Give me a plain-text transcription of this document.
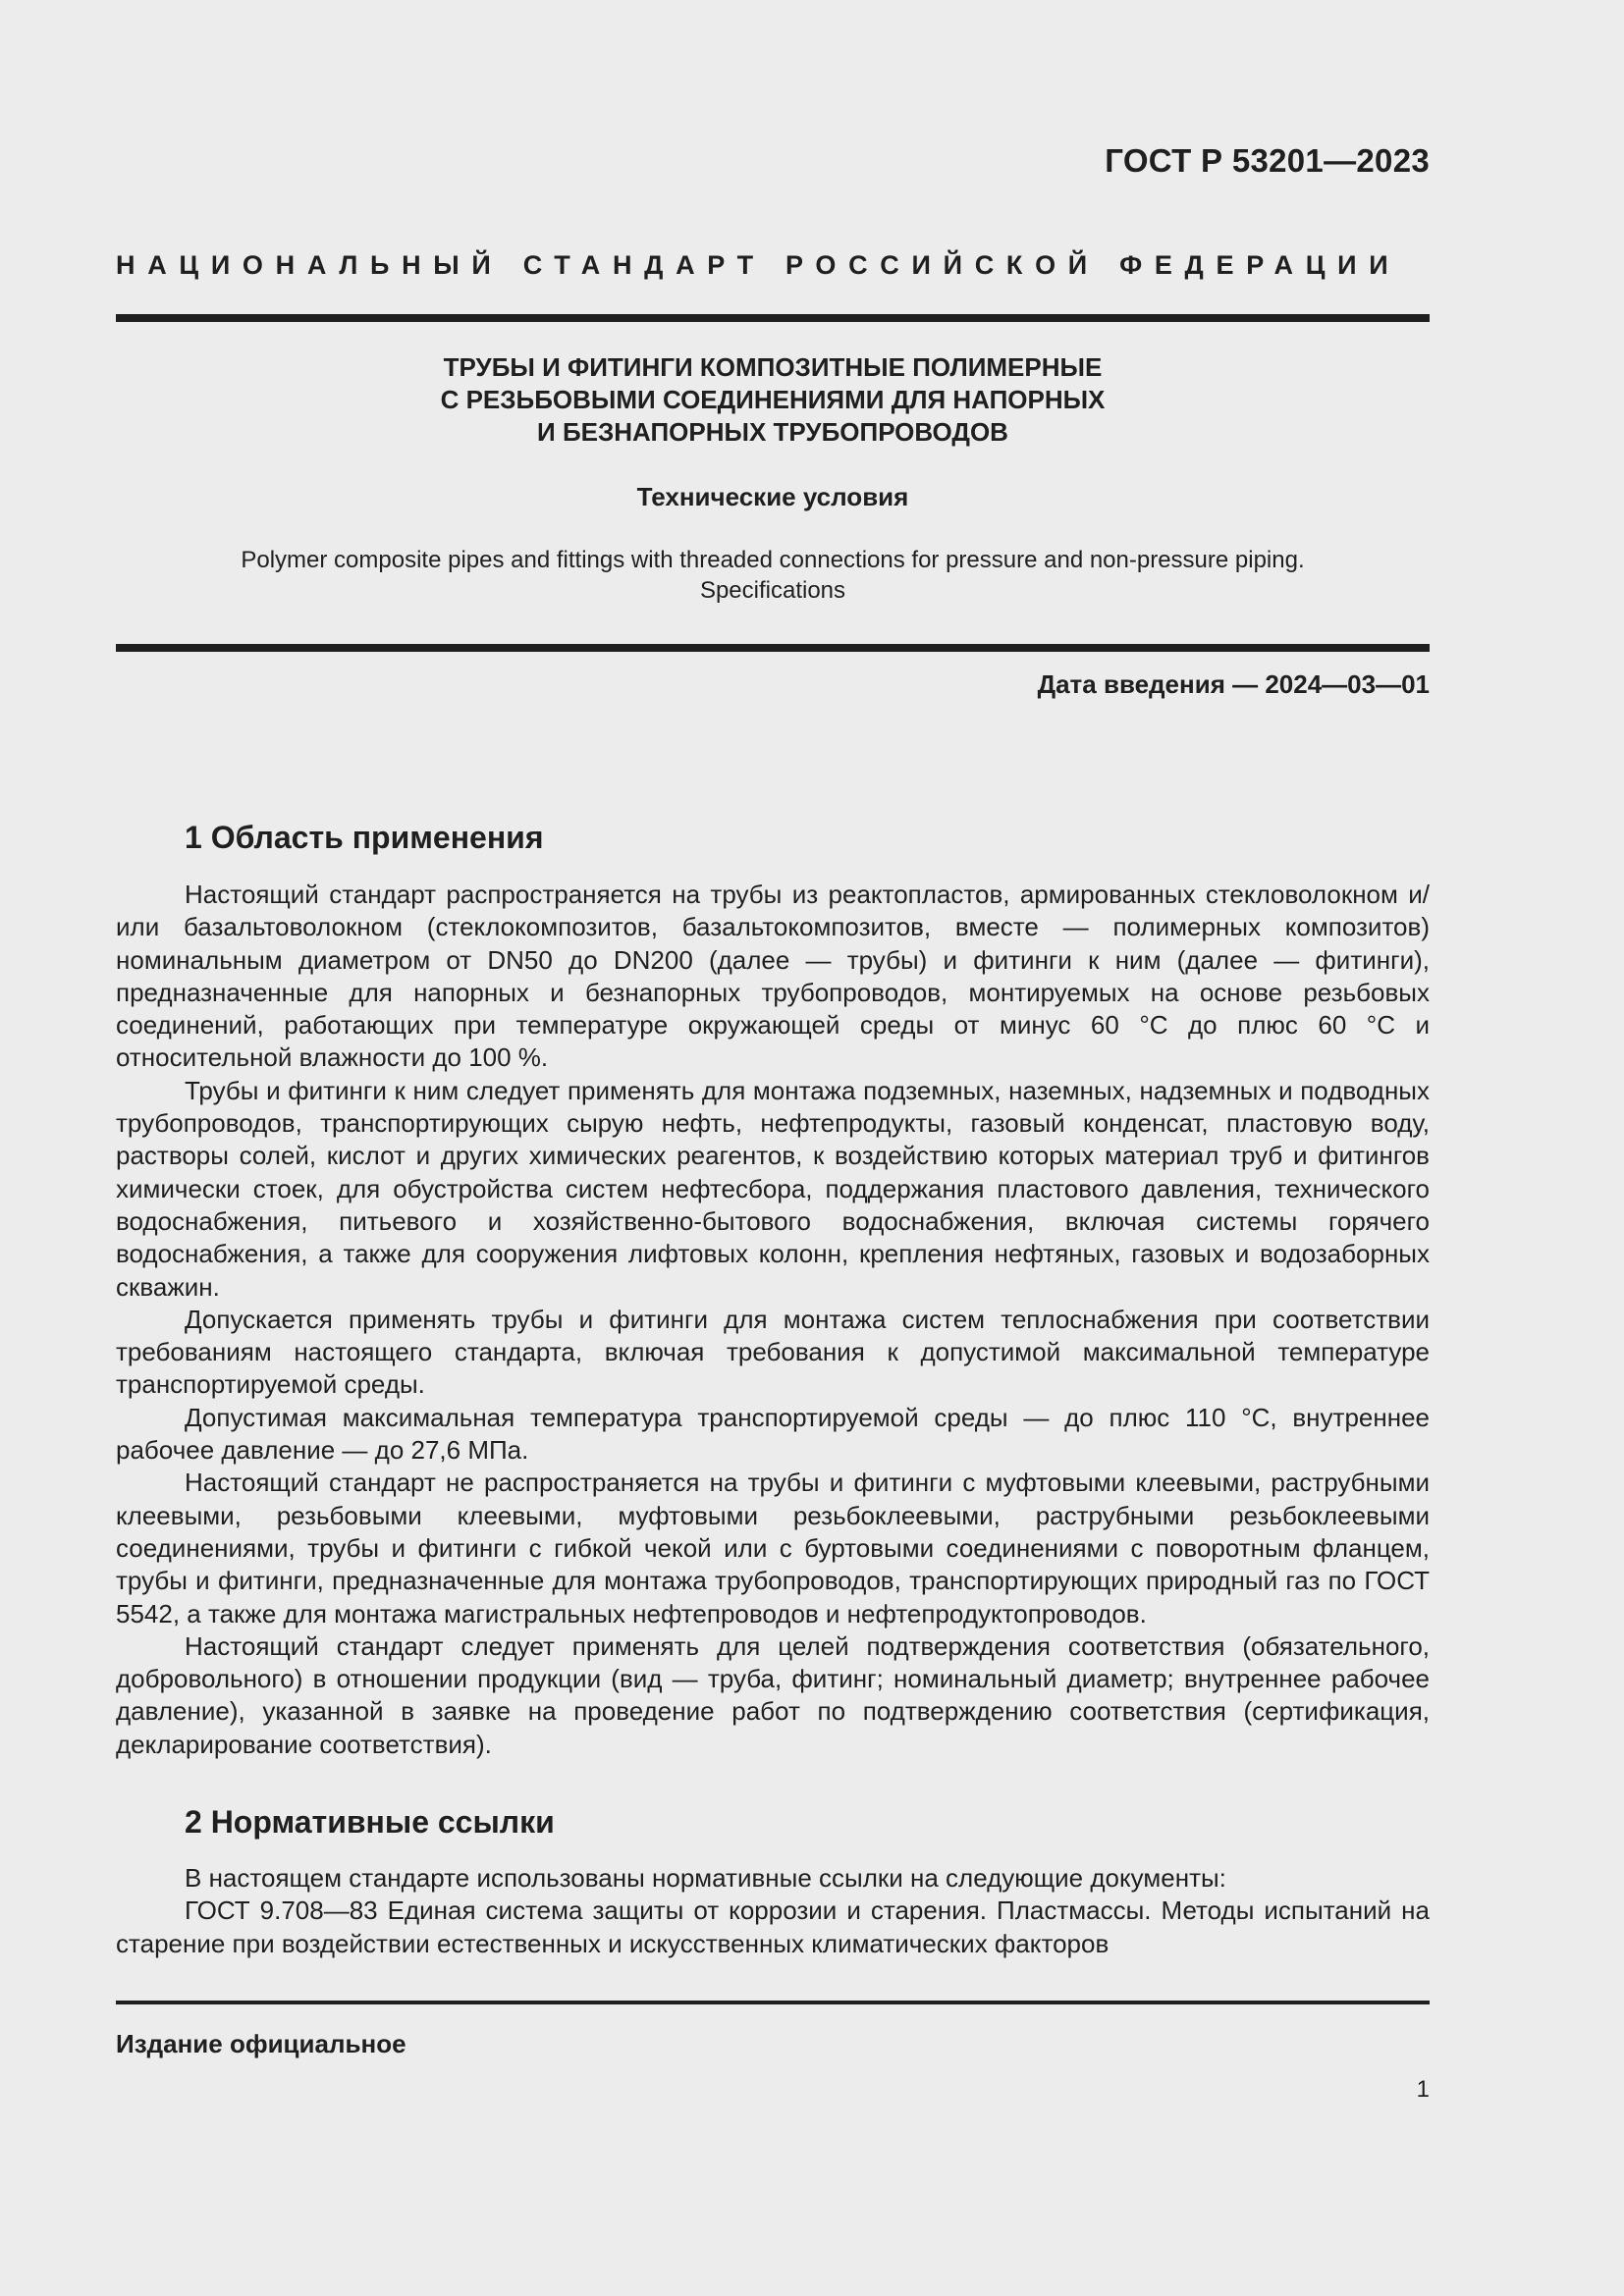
ГОСТ Р 53201—2023
НАЦИОНАЛЬНЫЙ СТАНДАРТ РОССИЙСКОЙ ФЕДЕРАЦИИ
ТРУБЫ И ФИТИНГИ КОМПОЗИТНЫЕ ПОЛИМЕРНЫЕ
С РЕЗЬБОВЫМИ СОЕДИНЕНИЯМИ ДЛЯ НАПОРНЫХ
И БЕЗНАПОРНЫХ ТРУБОПРОВОДОВ
Технические условия
Polymer composite pipes and fittings with threaded connections for pressure and non-pressure piping.
Specifications
Дата введения — 2024—03—01
1 Область применения

Настоящий стандарт распространяется на трубы из реактопластов, армированных стекловолокном и/или базальтоволокном (стеклокомпозитов, базальтокомпозитов, вместе — полимерных композитов) номинальным диаметром от DN50 до DN200 (далее — трубы) и фитинги к ним (далее — фитинги), предназначенные для напорных и безнапорных трубопроводов, монтируемых на основе резьбовых соединений, работающих при температуре окружающей среды от минус 60 °С до плюс 60 °С и относительной влажности до 100 %.

Трубы и фитинги к ним следует применять для монтажа подземных, наземных, надземных и подводных трубопроводов, транспортирующих сырую нефть, нефтепродукты, газовый конденсат, пластовую воду, растворы солей, кислот и других химических реагентов, к воздействию которых материал труб и фитингов химически стоек, для обустройства систем нефтесбора, поддержания пластового давления, технического водоснабжения, питьевого и хозяйственно-бытового водоснабжения, включая системы горячего водоснабжения, а также для сооружения лифтовых колонн, крепления нефтяных, газовых и водозаборных скважин.

Допускается применять трубы и фитинги для монтажа систем теплоснабжения при соответствии требованиям настоящего стандарта, включая требования к допустимой максимальной температуре транспортируемой среды.

Допустимая максимальная температура транспортируемой среды — до плюс 110 °С, внутреннее рабочее давление — до 27,6 МПа.

Настоящий стандарт не распространяется на трубы и фитинги с муфтовыми клеевыми, раструбными клеевыми, резьбовыми клеевыми, муфтовыми резьбоклеевыми, раструбными резьбоклеевыми соединениями, трубы и фитинги с гибкой чекой или с буртовыми соединениями с поворотным фланцем, трубы и фитинги, предназначенные для монтажа трубопроводов, транспортирующих природный газ по ГОСТ 5542, а также для монтажа магистральных нефтепроводов и нефтепродуктопроводов.

Настоящий стандарт следует применять для целей подтверждения соответствия (обязательного, добровольного) в отношении продукции (вид — труба, фитинг; номинальный диаметр; внутреннее рабочее давление), указанной в заявке на проведение работ по подтверждению соответствия (сертификация, декларирование соответствия).

2 Нормативные ссылки

В настоящем стандарте использованы нормативные ссылки на следующие документы:

ГОСТ 9.708—83 Единая система защиты от коррозии и старения. Пластмассы. Методы испытаний на старение при воздействии естественных и искусственных климатических факторов

Издание официальное
1
